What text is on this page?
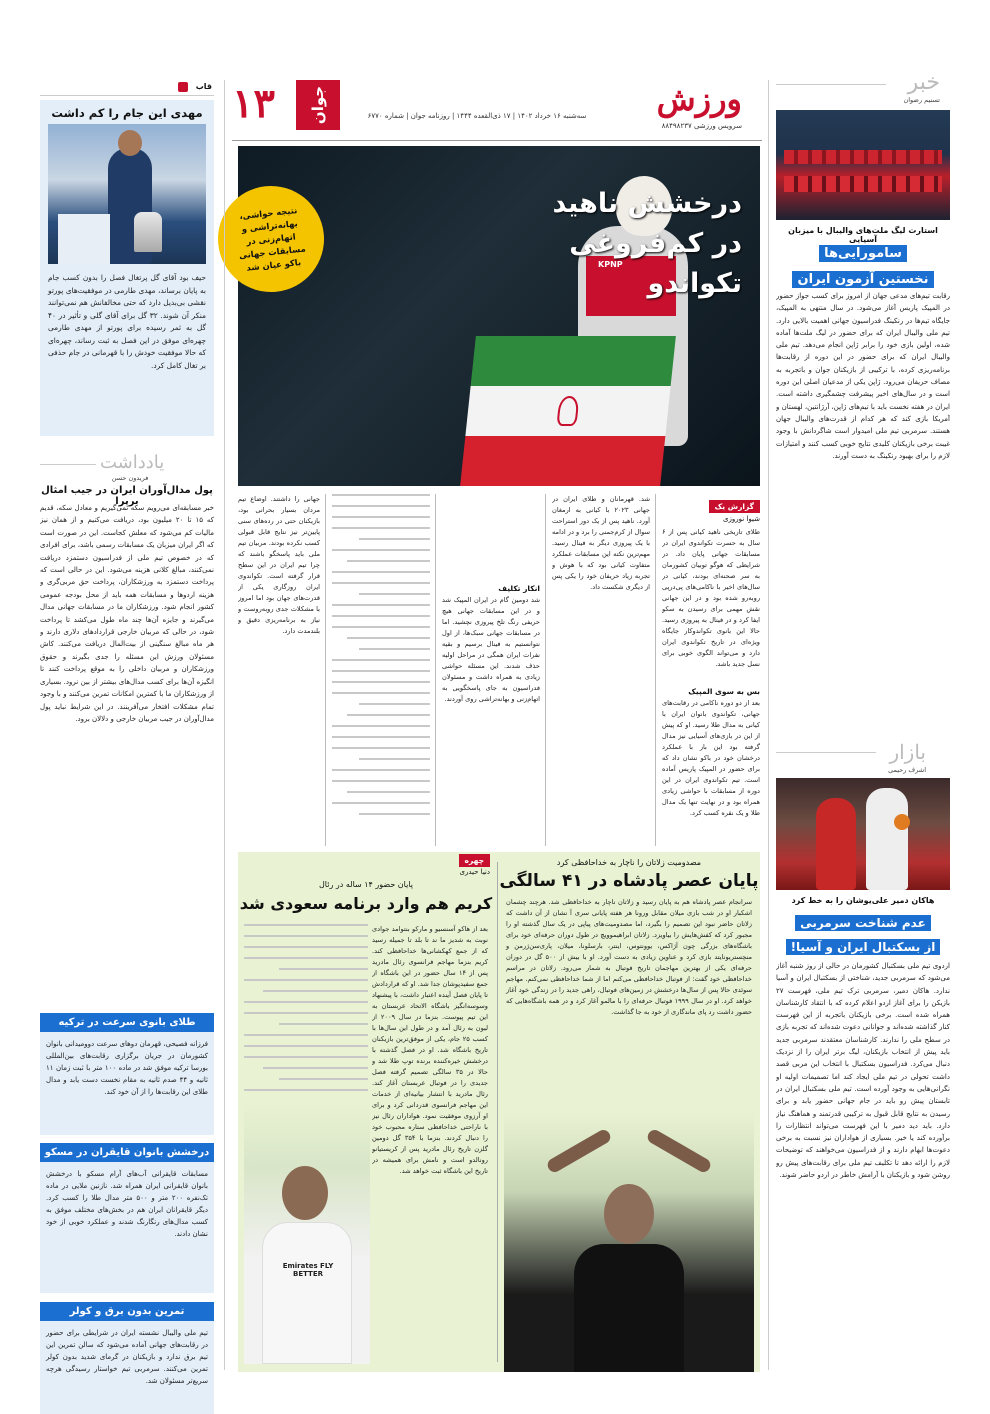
۱۳ جوان	سه‌شنبه ۱۶ خرداد ۱۴۰۲ | ۱۷ ذی‌القعده ۱۴۴۴ | روزنامه جوان | شماره ۶۷۷۰	ورزش
سرویس ورزشی ۸۸۴۹۸۲۳۷
قاب
مهدی این جام را کم داشت
حیف بود آقای گل پرتغال فصل را بدون کسب جام به پایان برساند، مهدی طارمی در موفقیت‌های پورتو نقشی بی‌بدیل دارد که حتی مخالفانش هم نمی‌توانند منکر آن شوند. ۳۲ گل برای آقای گلی و تأثیر در ۴۰ گل به ثمر رسیده برای پورتو از مهدی طارمی چهره‌ای موفق در این فصل به ثبت رساند، چهره‌ای که حالا موفقیت خودش را با قهرمانی در جام حذفی بر تغال کامل کرد.
یادداشت
فریدون حسن
پول مدال‌آوران ایران در جیب امثال برپرا
خبر مسابقه‌ای می‌رویم سکه نمی‌گیریم و معادل سکه، قدیم که ۱۵ تا ۲۰ میلیون بود، دریافت می‌کنیم و از همان نیز مالیات کم می‌شود که معلش کجاست. این در صورت است که اگر ایران میزبان یک مسابقات رسمی باشد، برای افرادی که در خصوص تیم ملی از فدراسیون دستمزد دریافت نمی‌کنند، مبالغ کلانی هزینه می‌شود. این در حالی است که پرداخت دستمزد به ورزشکاران، پرداخت حق مربی‌گری و هزینه اردوها و مسابقات همه باید از محل بودجه عمومی کشور انجام شود. ورزشکاران ما در مسابقات جهانی مدال می‌گیرند و جایزه آن‌ها چند ماه طول می‌کشد تا پرداخت شود، در حالی که مربیان خارجی قراردادهای دلاری دارند و هر ماه مبالغ سنگینی از بیت‌المال دریافت می‌کنند. کاش مسئولان ورزش این مسئله را جدی بگیرند و حقوق ورزشکاران و مربیان داخلی را به موقع پرداخت کنند تا انگیزه آن‌ها برای کسب مدال‌های بیشتر از بین نرود. بسیاری از ورزشکاران ما با کمترین امکانات تمرین می‌کنند و با وجود تمام مشکلات افتخار می‌آفرینند. در این شرایط نباید پول مدال‌آوران در جیب مربیان خارجی و دلالان برود.
طلای بانوی سرعت در ترکیه
فرزانه فصیحی، قهرمان دوهای سرعت دوومیدانی بانوان کشورمان در جریان برگزاری رقابت‌های بین‌المللی بورسا ترکیه موفق شد در ماده ۱۰۰ متر با ثبت زمان ۱۱ ثانیه و ۴۴ صدم ثانیه به مقام نخست دست یابد و مدال طلای این رقابت‌ها را از آن خود کند.
درخشش بانوان قایقران در مسکو
مسابقات قایقرانی آب‌های آرام مسکو با درخشش بانوان قایقرانی ایران همراه شد. نازنین ملایی در ماده تک‌نفره ۲۰۰ متر و ۵۰۰ متر مدال طلا را کسب کرد. دیگر قایقرانان ایران هم در بخش‌های مختلف موفق به کسب مدال‌های رنگارنگ شدند و عملکرد خوبی از خود نشان دادند.
تمرین بدون برق و کولر
تیم ملی والیبال نشسته ایران در شرایطی برای حضور در رقابت‌های جهانی آماده می‌شود که سالن تمرین این تیم برق ندارد و بازیکنان در گرمای شدید بدون کولر تمرین می‌کنند. سرمربی تیم خواستار رسیدگی هرچه سریع‌تر مسئولان شد.
KPNP
درخشش ناهید
در کم‌فروغی
تکواندو
نتیجه حواشی، بهانه‌تراشی و اتهام‌زنی در مسابقات جهانی باکو عیان شد
گزارش یک
شیوا نوروزی
طلای تاریخی ناهید کیانی پس از ۶ سال به حسرت تکواندوی ایران در مسابقات جهانی پایان داد. در شرایطی که هوگو توبیان کشورمان به سر صحنه‌ای بودند، کیانی در سال‌های اخیر با ناکامی‌های پی‌درپی روبه‌رو شده بود و در این جهانی نقش مهمی برای رسیدن به سکو ایفا کرد و در فینال به پیروزی رسید. حالا این بانوی تکواندوکار جایگاه ویژه‌ای در تاریخ تکواندوی ایران دارد و می‌تواند الگوی خوبی برای نسل جدید باشد.
بس به سوی المپیک
بعد از دو دوره ناکامی در رقابت‌های جهانی، تکواندوی بانوان ایران با کیانی به مدال طلا رسید. او که پیش از این در بازی‌های آسیایی نیز مدال گرفته بود این بار با عملکرد درخشان خود در باکو نشان داد که برای حضور در المپیک پاریس آماده است. تیم تکواندوی ایران در این دوره از مسابقات با حواشی زیادی همراه بود و در نهایت تنها یک مدال طلا و یک نقره کسب کرد.
شد. قهرمانان و طلای ایران در جهانی ۲۰۲۳ با کیانی به ارمغان آورد. ناهید پس از یک دور استراحت سوال از کرم‌جمنی را برد و در ادامه با یک پیروزی دیگر به فینال رسید. مهم‌ترین نکته این مسابقات عملکرد متفاوت کیانی بود که با هوش و تجربه زیاد حریفان خود را یکی پس از دیگری شکست داد.
انکار تکلیف
شد دومین گام در ایران المپیک شد و در این مسابقات جهانی هیچ حریفی رنگ تلخ پیروزی نچشید. اما در مسابقات جهانی سبک‌ها، از اول نتوانستیم به فینال برسیم و بقیه نفرات ایران همگی در مراحل اولیه حذف شدند. این مسئله حواشی زیادی به همراه داشت و مسئولان فدراسیون به جای پاسخگویی به اتهام‌زنی و بهانه‌تراشی روی آوردند.
جهانی را داشتند. اوضاع تیم مردان بسیار بحرانی بود، بازیکنان حتی در رده‌های سنی پایین‌تر نیز نتایج قابل قبولی کسب نکرده بودند. مربیان تیم ملی باید پاسخگو باشند که چرا تیم ایران در این سطح قرار گرفته است. تکواندوی ایران روزگاری یکی از قدرت‌های جهان بود اما امروز با مشکلات جدی روبه‌روست و نیاز به برنامه‌ریزی دقیق و بلندمدت دارد.
مصدومیت زلاتان را ناچار به خداحافظی کرد
پایان عصر پادشاه در ۴۱ سالگی
سرانجام عصر پادشاه هم به پایان رسید و زلاتان ناچار به خداحافظی شد. هرچند چشمان اشکبار او در شب بازی میلان مقابل ورونا هر هفته پایانی سری آ نشان از آن داشت که زلاتان حاضر نبود این تصمیم را بگیرد، اما مصدومیت‌های پیاپی در یک سال گذشته او را مجبور کرد که کفش‌هایش را بیاویزد. زلاتان ابراهیموویچ در طول دوران حرفه‌ای خود برای باشگاه‌های بزرگی چون آژاکس، یوونتوس، اینتر، بارسلونا، میلان، پاری‌سن‌ژرمن و منچستریونایتد بازی کرد و عناوین زیادی به دست آورد. او با بیش از ۵۰۰ گل در دوران حرفه‌ای یکی از بهترین مهاجمان تاریخ فوتبال به شمار می‌رود. زلاتان در مراسم خداحافظی خود گفت: از فوتبال خداحافظی می‌کنم اما از شما خداحافظی نمی‌کنم. مهاجم سوئدی حالا پس از سال‌ها درخشش در زمین‌های فوتبال، راهی جدید را در زندگی خود آغاز خواهد کرد. او در سال ۱۹۹۹ فوتبال حرفه‌ای را با مالمو آغاز کرد و در همه باشگاه‌هایی که حضور داشت رد پای ماندگاری از خود به جا گذاشت.
چهره
دنیا حیدری
پایان حضور ۱۴ ساله در رئال
کریم هم وارد برنامه سعودی شد
بعد از هاکو آسنسیو و مارکو بنتوامد جوادی نوبت به شدیز ما ند تا بلد تا جمیله رسید که از جمع کهکشانی‌ها خداحافظی کند. کریم بنزما مهاجم فرانسوی رئال مادرید پس از ۱۴ سال حضور در این باشگاه از جمع سفیدپوشان جدا شد. او که قراردادش تا پایان فصل آینده اعتبار داشت، با پیشنهاد وسوسه‌انگیز باشگاه الاتحاد عربستان به این تیم پیوست. بنزما در سال ۲۰۰۹ از لیون به رئال آمد و در طول این سال‌ها با کسب ۲۵ جام، یکی از موفق‌ترین بازیکنان تاریخ باشگاه شد. او در فصل گذشته با درخشش خیره‌کننده برنده توپ طلا شد و حالا در ۳۵ سالگی تصمیم گرفته فصل جدیدی را در فوتبال عربستان آغاز کند. رئال مادرید با انتشار بیانیه‌ای از خدمات این مهاجم فرانسوی قدردانی کرد و برای او آرزوی موفقیت نمود. هواداران رئال نیز با ناراحتی خداحافظی ستاره محبوب خود را دنبال کردند. بنزما با ۳۵۴ گل دومین گلزن تاریخ رئال مادرید پس از کریستیانو رونالدو است و نامش برای همیشه در تاریخ این باشگاه ثبت خواهد شد.
Emirates FLY BETTER
خبر
تسنیم رضوان
استارت لیگ ملت‌های والیبال با میزبان آسیایی
سامورایی‌ها
نخستین آزمون ایران
رقابت تیم‌های مدعی جهان از امروز برای کسب جواز حضور در المپیک پاریس آغاز می‌شود. در سال منتهی به المپیک، جایگاه تیم‌ها در رنکینگ فدراسیون جهانی اهمیت بالایی دارد. تیم ملی والیبال ایران که برای حضور در لیگ ملت‌ها آماده شده، اولین بازی خود را برابر ژاپن انجام می‌دهد. تیم ملی والیبال ایران که برای حضور در این دوره از رقابت‌ها برنامه‌ریزی کرده، با ترکیبی از بازیکنان جوان و باتجربه به مصاف حریفان می‌رود. ژاپن یکی از مدعیان اصلی این دوره است و در سال‌های اخیر پیشرفت چشمگیری داشته است. ایران در هفته نخست باید با تیم‌های ژاپن، آرژانتین، لهستان و آمریکا بازی کند که هر کدام از قدرت‌های والیبال جهان هستند. سرمربی تیم ملی امیدوار است شاگردانش با وجود غیبت برخی بازیکنان کلیدی نتایج خوبی کسب کنند و امتیازات لازم را برای بهبود رنکینگ به دست آورند.
بازار
اشرف رحیمی
هاکان دمیر علی‌یوشان را به خط کرد
عدم شناخت سرمربی
از بسکتبال ایران و آسیا!
اردوی تیم ملی بسکتبال کشورمان در حالی از روز شنبه آغاز می‌شود که سرمربی جدید، شناختی از بسکتبال ایران و آسیا ندارد. هاکان دمیر، سرمربی ترک تیم ملی، فهرست ۲۷ بازیکن را برای آغاز اردو اعلام کرده که با انتقاد کارشناسان همراه شده است. برخی بازیکنان باتجربه از این فهرست کنار گذاشته شده‌اند و جوانانی دعوت شده‌اند که تجربه بازی در سطح ملی را ندارند. کارشناسان معتقدند سرمربی جدید باید پیش از انتخاب بازیکنان، لیگ برتر ایران را از نزدیک دنبال می‌کرد. فدراسیون بسکتبال با انتخاب این مربی قصد داشت تحولی در تیم ملی ایجاد کند اما تصمیمات اولیه او نگرانی‌هایی به وجود آورده است. تیم ملی بسکتبال ایران در تابستان پیش رو باید در جام جهانی حضور یابد و برای رسیدن به نتایج قابل قبول به ترکیبی قدرتمند و هماهنگ نیاز دارد. باید دید دمیر با این فهرست می‌تواند انتظارات را برآورده کند یا خیر. بسیاری از هواداران نیز نسبت به برخی دعوت‌ها ابهام دارند و از فدراسیون می‌خواهند که توضیحات لازم را ارائه دهد تا تکلیف تیم ملی برای رقابت‌های پیش رو روشن شود و بازیکنان با آرامش خاطر در اردو حاضر شوند.
